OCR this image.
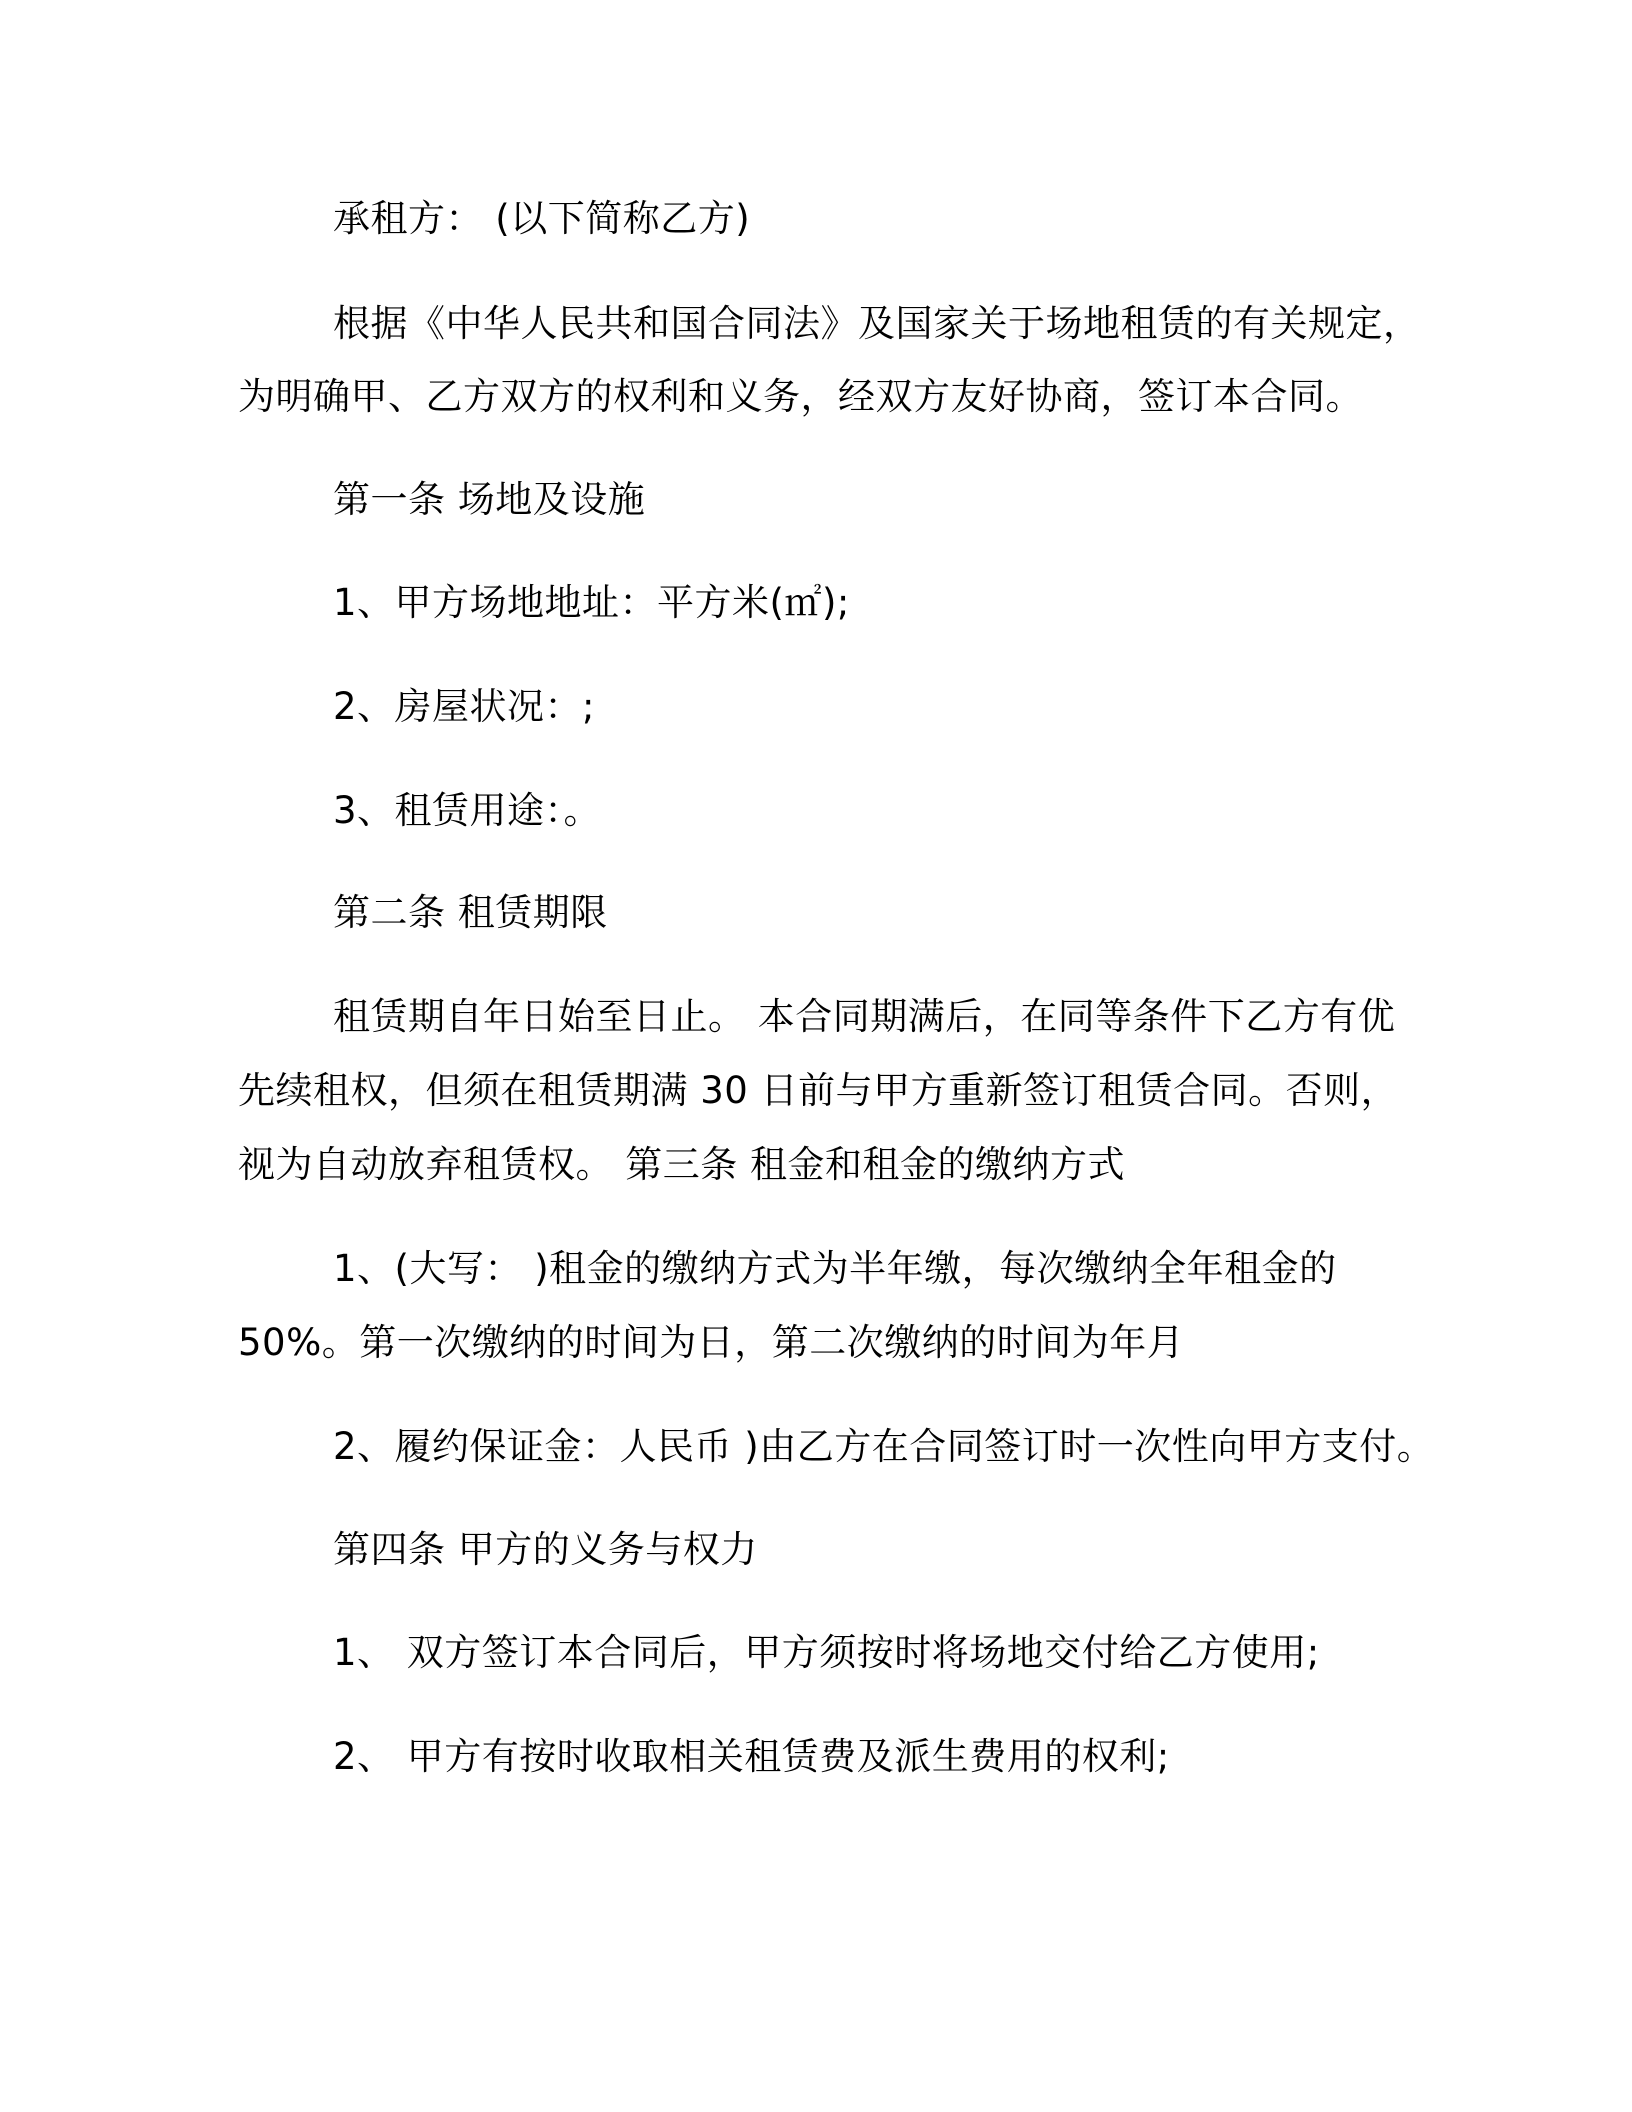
承租方： (以下简称乙方)
根据《中华人民共和国合同法》及国家关于场地租赁的有关规定，
为明确甲、乙方双方的权利和义务，经双方友好协商，签订本合同。
第一条 场地及设施
1、甲方场地地址：平方米(㎡);
2、房屋状况：;
3、租赁用途：。
第二条 租赁期限
租赁期自年日始至日止。 本合同期满后，在同等条件下乙方有优
先续租权，但须在租赁期满 30 日前与甲方重新签订租赁合同。否则，
视为自动放弃租赁权。 第三条 租金和租金的缴纳方式
1、(大写： )租金的缴纳方式为半年缴，每次缴纳全年租金的
50%。第一次缴纳的时间为日，第二次缴纳的时间为年月
2、履约保证金：人民币 )由乙方在合同签订时一次性向甲方支付。
第四条 甲方的义务与权力
1、 双方签订本合同后，甲方须按时将场地交付给乙方使用;
2、 甲方有按时收取相关租赁费及派生费用的权利;
